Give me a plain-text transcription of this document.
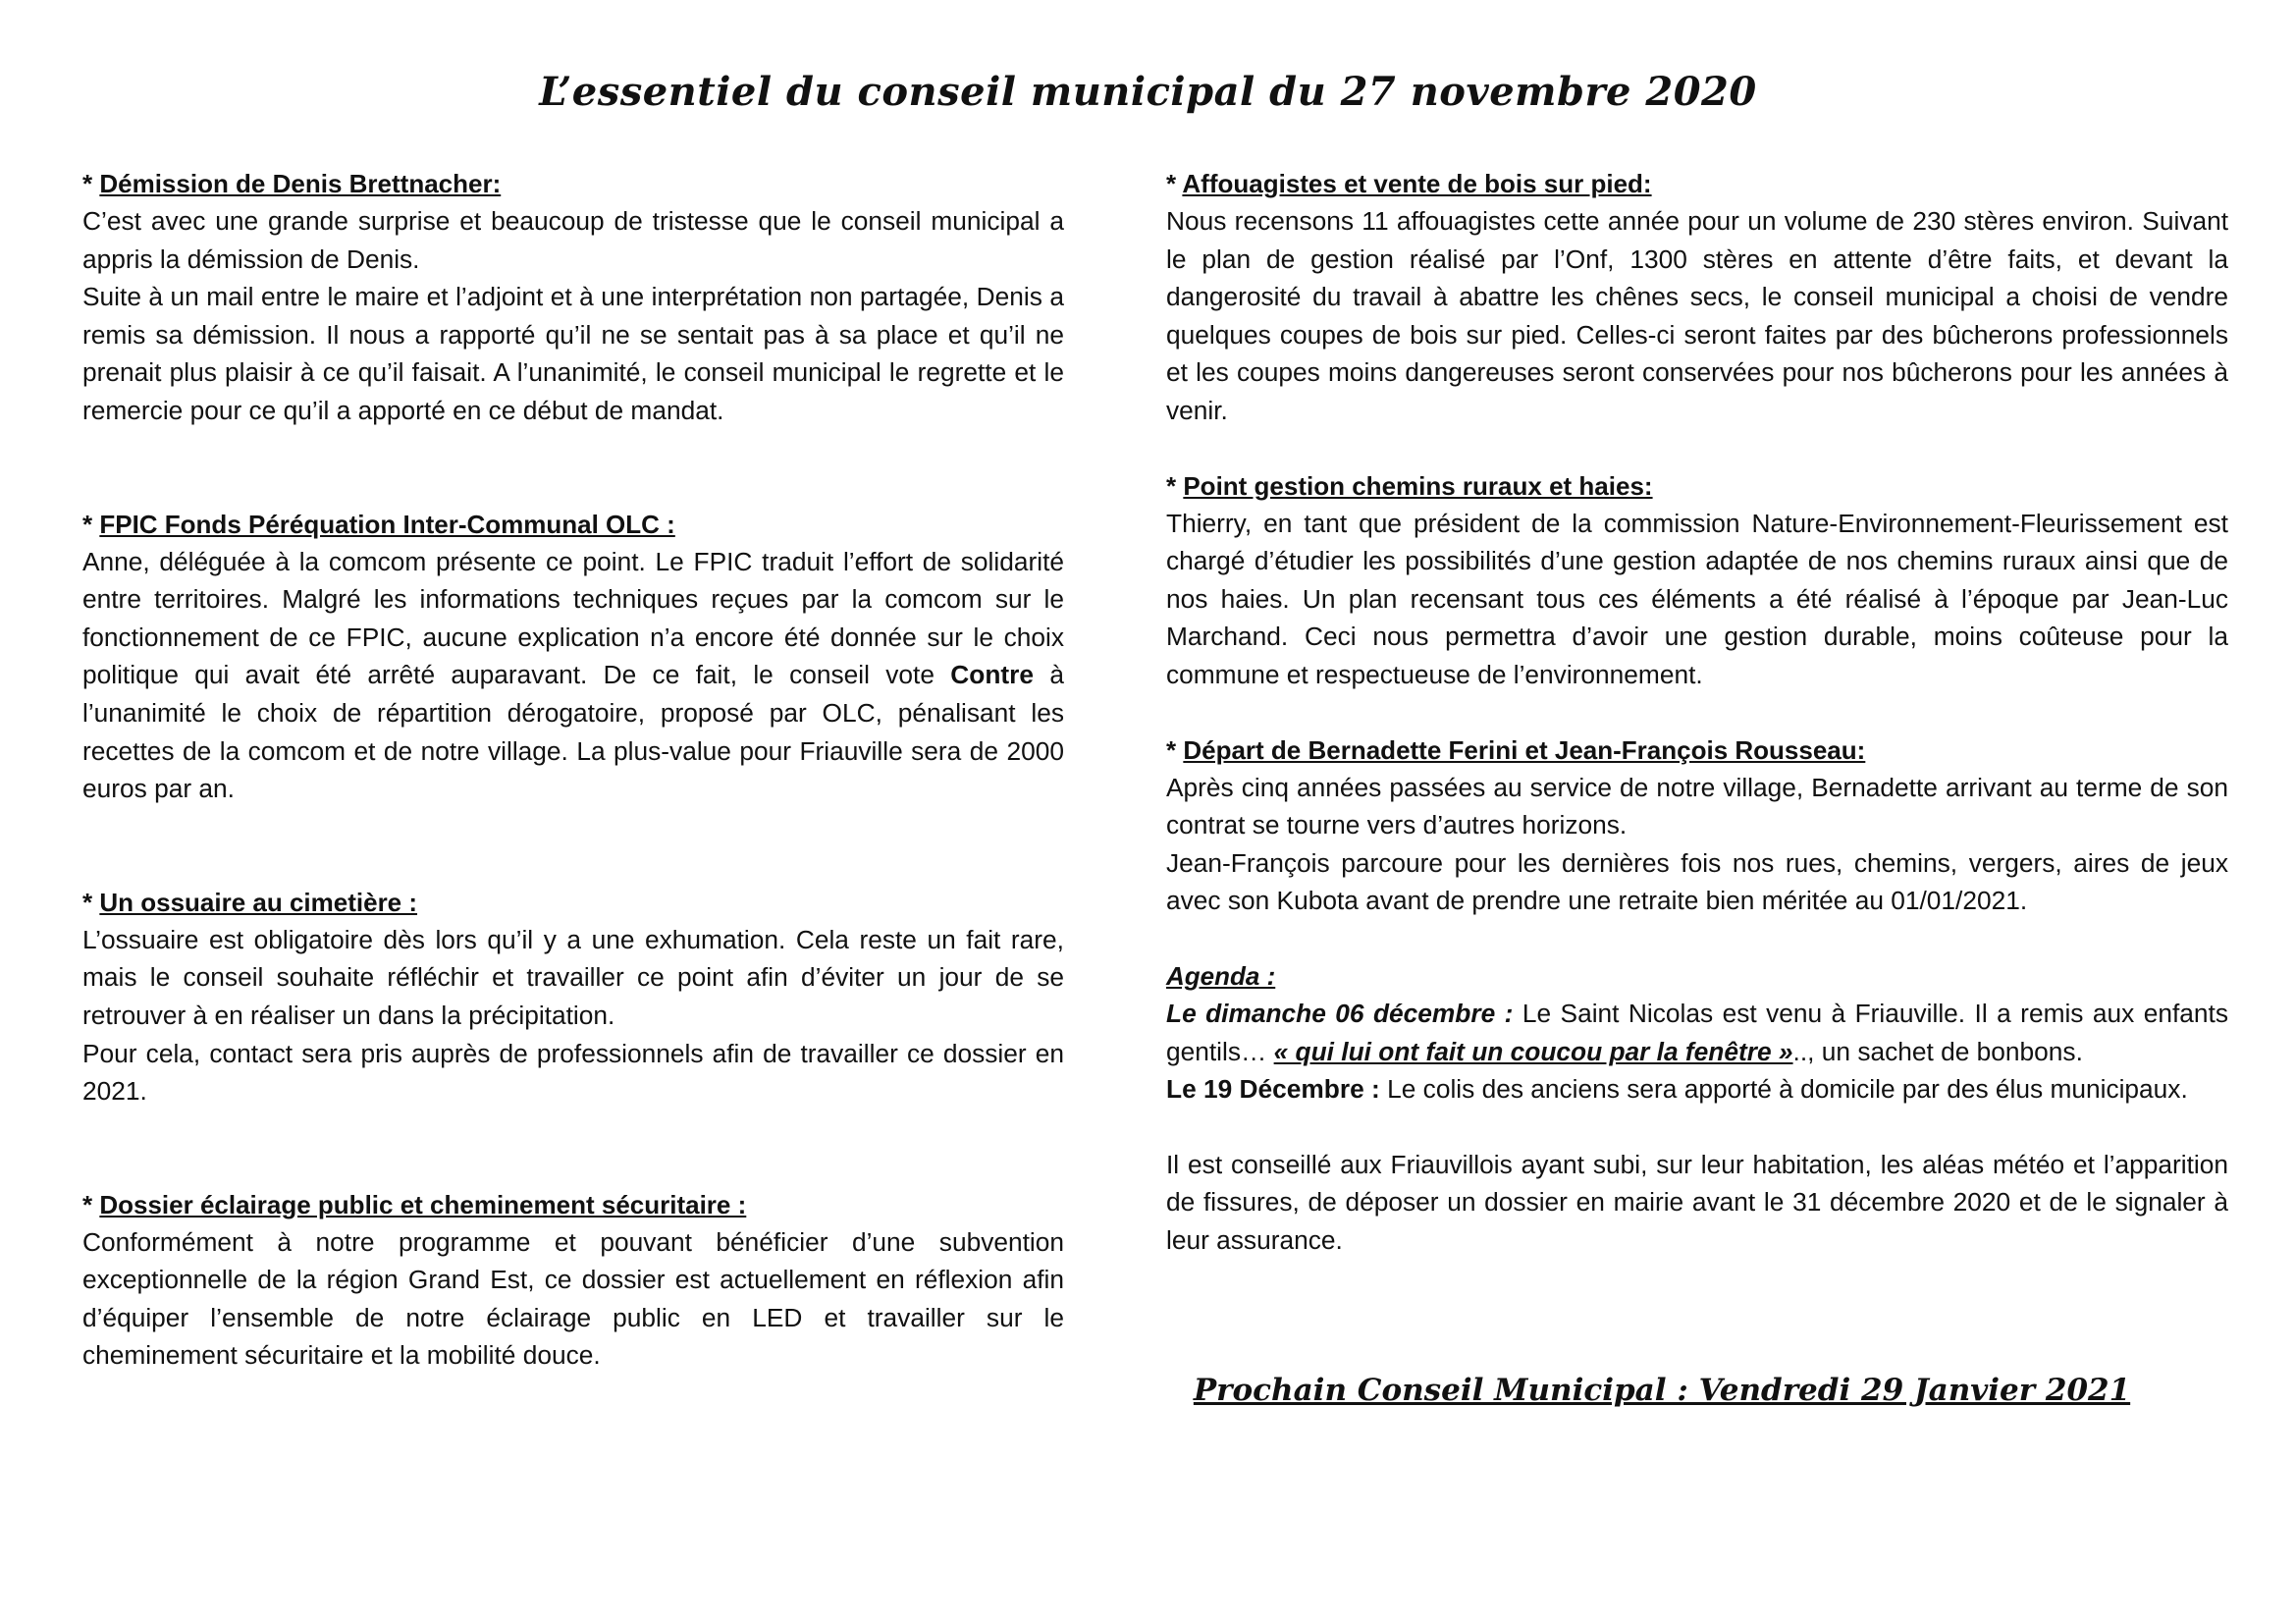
L’essentiel du conseil municipal du 27 novembre 2020

* Démission de Denis Brettnacher:

C’est avec une grande surprise et beaucoup de tristesse que le conseil municipal a appris la démission de Denis.

Suite à un mail entre le maire et l’adjoint et à une interprétation non partagée, Denis a remis sa démission. Il nous a rapporté qu’il ne se sentait pas à sa place et qu’il ne prenait plus plaisir à ce qu’il faisait. A l’unanimité, le conseil municipal le regrette et le remercie pour ce qu’il a apporté en ce début de mandat.

* FPIC Fonds Péréquation Inter-Communal OLC :

Anne, déléguée à la comcom présente ce point. Le FPIC traduit l’effort de solidarité entre territoires. Malgré les informations techniques reçues par la comcom sur le fonctionnement de ce FPIC, aucune explication n’a encore été donnée sur le choix politique qui avait été arrêté auparavant. De ce fait, le conseil vote Contre à l’unanimité le choix de répartition dérogatoire, proposé par OLC, pénalisant les recettes de la comcom et de notre village. La plus-value pour Friauville sera de 2000 euros par an.

* Un ossuaire au cimetière :

L’ossuaire est obligatoire dès lors qu’il y a une exhumation. Cela reste un fait rare, mais le conseil souhaite réfléchir et travailler ce point afin d’éviter un jour de se retrouver à en réaliser un dans la précipitation.

Pour cela, contact sera pris auprès de professionnels afin de travailler ce dossier en 2021.

* Dossier éclairage public et cheminement sécuritaire :

Conformément à notre programme et pouvant bénéficier d’une subvention exceptionnelle de la région Grand Est, ce dossier est actuellement en réflexion afin d’équiper l’ensemble de notre éclairage public en LED et travailler sur le cheminement sécuritaire et la mobilité douce.

* Affouagistes et vente de bois sur pied:

Nous recensons 11 affouagistes cette année pour un volume de 230 stères environ. Suivant le plan de gestion réalisé par l’Onf, 1300 stères en attente d’être faits, et devant la dangerosité du travail à abattre les chênes secs, le conseil municipal a choisi de vendre quelques coupes de bois sur pied. Celles-ci seront faites par des bûcherons professionnels et les coupes moins dangereuses seront conservées pour nos bûcherons pour les années à venir.

* Point gestion chemins ruraux et haies:

Thierry, en tant que président de la commission Nature-Environnement-Fleurissement est chargé d’étudier les possibilités d’une gestion adaptée de nos chemins ruraux ainsi que de nos haies. Un plan recensant tous ces éléments a été réalisé à l’époque par Jean-Luc Marchand. Ceci nous permettra d’avoir une gestion durable, moins coûteuse pour la commune et respectueuse de l’environnement.

* Départ de Bernadette Ferini et Jean-François Rousseau:

Après cinq années passées au service de notre village, Bernadette arrivant au terme de son contrat se tourne vers d’autres horizons.

Jean-François parcoure pour les dernières fois nos rues, chemins, vergers, aires de jeux avec son Kubota avant de prendre une retraite bien méritée au 01/01/2021.

Agenda :

Le dimanche 06 décembre : Le Saint Nicolas est venu à Friauville. Il a remis aux enfants gentils… « qui lui ont fait un coucou par la fenêtre ».., un sachet de bonbons.

Le 19 Décembre : Le colis des anciens sera apporté à domicile par des élus municipaux.

Il est conseillé aux Friauvillois ayant subi, sur leur habitation, les aléas météo et l’apparition de fissures, de déposer un dossier en mairie avant le 31 décembre 2020 et de le signaler à leur assurance.

Prochain Conseil Municipal : Vendredi 29 Janvier 2021
